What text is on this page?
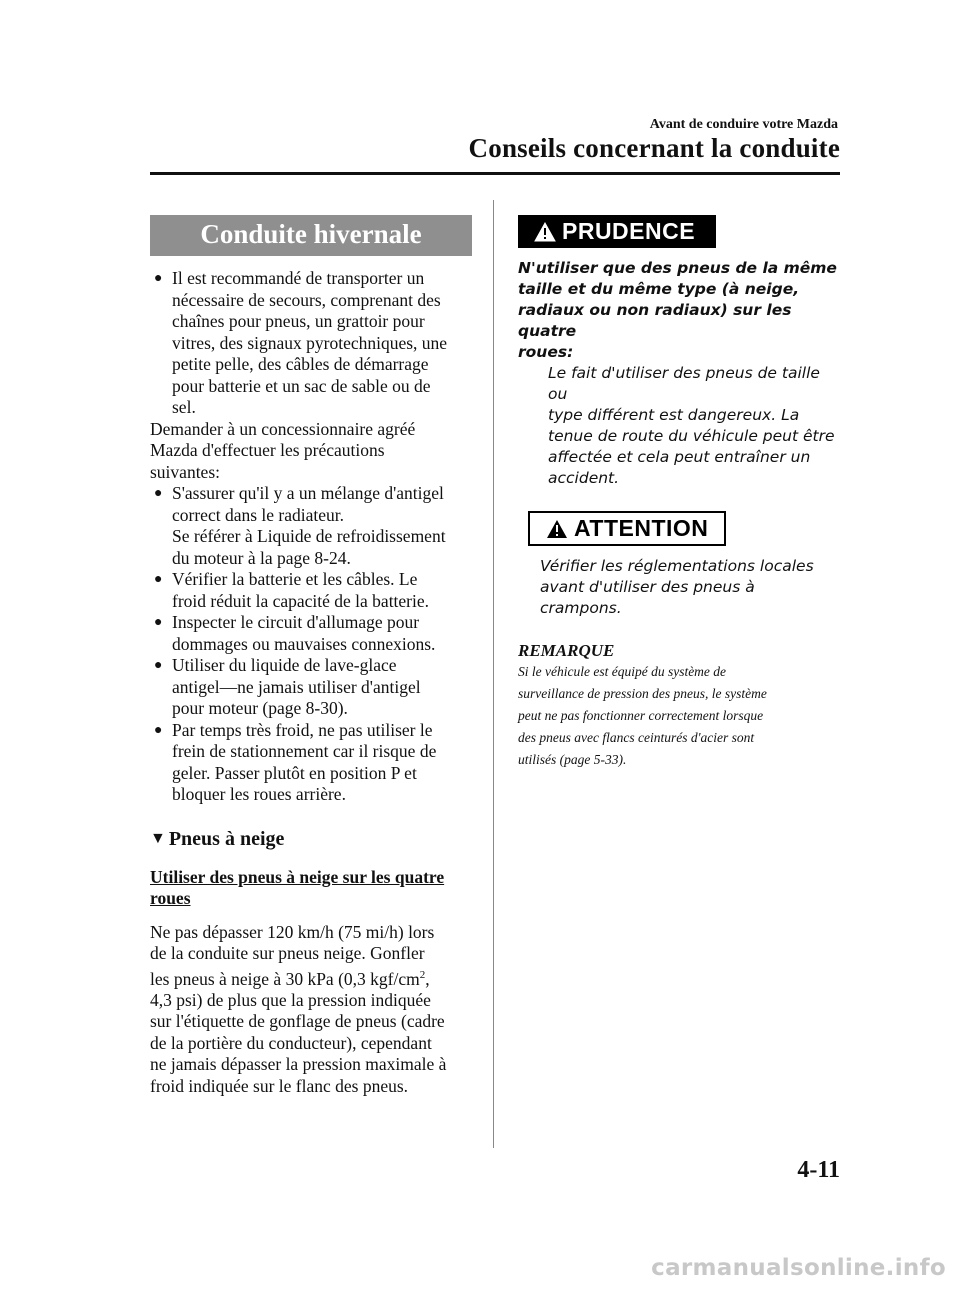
Avant de conduire votre Mazda
Conseils concernant la conduite
Conduite hivernale
● Il est recommandé de transporter un
nécessaire de secours, comprenant des
chaînes pour pneus, un grattoir pour
vitres, des signaux pyrotechniques, une
petite pelle, des câbles de démarrage
pour batterie et un sac de sable ou de
sel.

Demander à un concessionnaire agréé
Mazda d'effectuer les précautions
suivantes:

● S'assurer qu'il y a un mélange d'antigel
correct dans le radiateur.
Se référer à Liquide de refroidissement
du moteur à la page 8-24.
● Vérifier la batterie et les câbles. Le
froid réduit la capacité de la batterie.
● Inspecter le circuit d'allumage pour
dommages ou mauvaises connexions.
● Utiliser du liquide de lave-glace
antigel―ne jamais utiliser d'antigel
pour moteur (page 8-30).
● Par temps très froid, ne pas utiliser le
frein de stationnement car il risque de
geler. Passer plutôt en position P et
bloquer les roues arrière.
▼ Pneus à neige
Utiliser des pneus à neige sur les quatre
roues

Ne pas dépasser 120 km/h (75 mi/h) lors
de la conduite sur pneus neige. Gonfler
les pneus à neige à 30 kPa (0,3 kgf/$cm^2$,
4,3 psi) de plus que la pression indiquée
sur l'étiquette de gonflage de pneus (cadre
de la portière du conducteur), cependant
ne jamais dépasser la pression maximale à
froid indiquée sur le flanc des pneus.

PRUDENCE
N'utiliser que des pneus de la même
taille et du même type (à neige,
radiaux ou non radiaux) sur les quatre
roues:
Le fait d'utiliser des pneus de taille ou
type différent est dangereux. La
tenue de route du véhicule peut être
affectée et cela peut entraîner un
accident.
ATTENTION
Vérifier les réglementations locales
avant d'utiliser des pneus à
crampons.
REMARQUE
Si le véhicule est équipé du système de
surveillance de pression des pneus, le système
peut ne pas fonctionner correctement lorsque
des pneus avec flancs ceinturés d'acier sont
utilisés (page 5-33).
4-11
carmanualsonline.info
